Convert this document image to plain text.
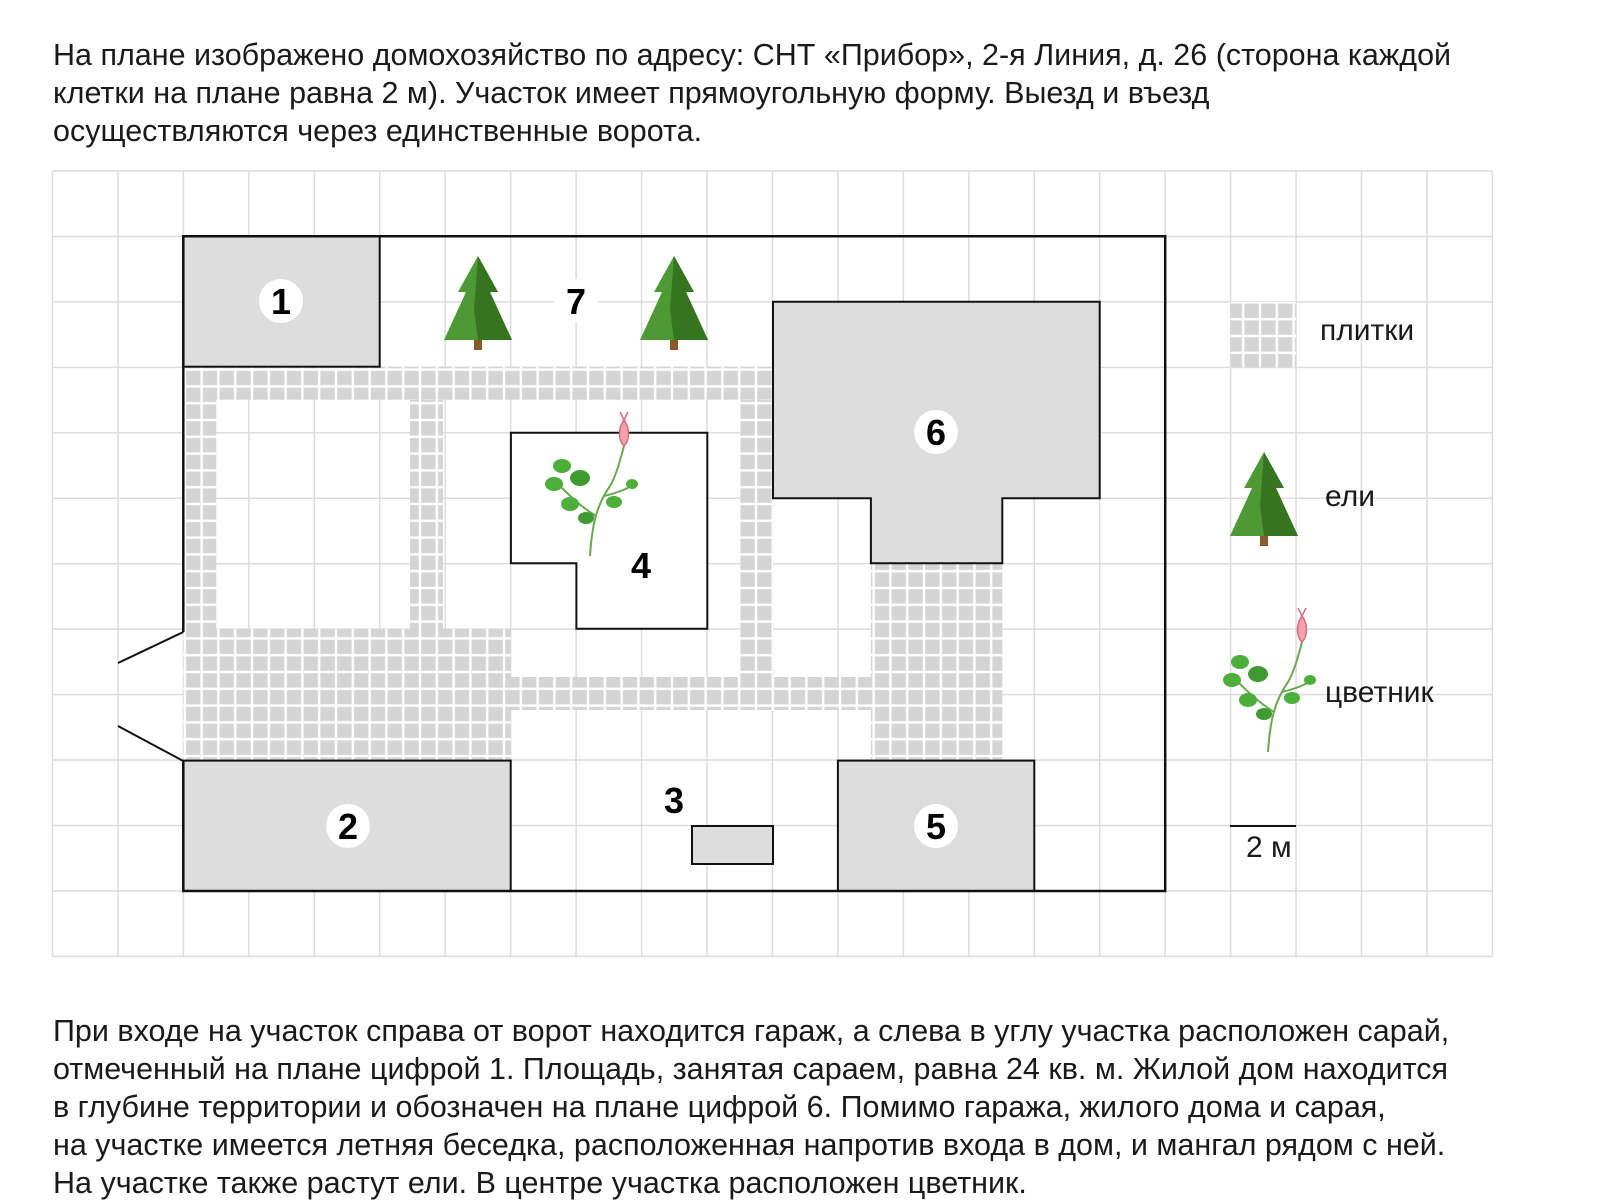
На плане изображено домохозяйство по адресу: СНТ «Прибор», 2-я Линия, д. 26 (сторона каждой
клетки на плане равна 2 м). Участок имеет прямоугольную форму. Выезд и въезд
осуществляются через единственные ворота.
1	7
6
4
2
3
5
плитки
ели
цветник
2 м
При входе на участок справа от ворот находится гараж, а слева в углу участка расположен сарай,
отмеченный на плане цифрой 1. Площадь, занятая сараем, равна 24 кв. м. Жилой дом находится
в глубине территории и обозначен на плане цифрой 6. Помимо гаража, жилого дома и сарая,
на участке имеется летняя беседка, расположенная напротив входа в дом, и мангал рядом с ней.
На участке также растут ели. В центре участка расположен цветник.
